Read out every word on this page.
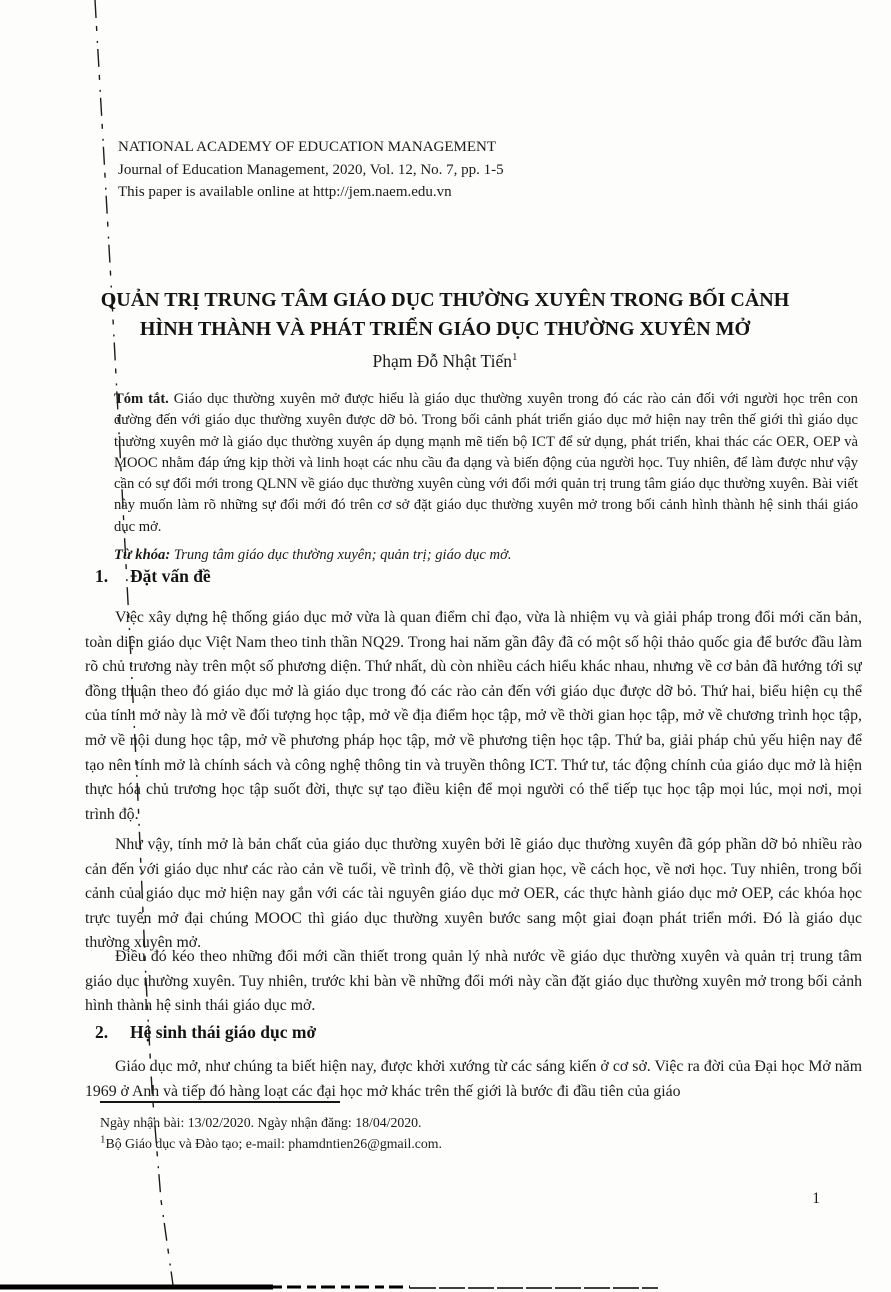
NATIONAL ACADEMY OF EDUCATION MANAGEMENT
Journal of Education Management, 2020, Vol. 12, No. 7, pp. 1-5
This paper is available online at http://jem.naem.edu.vn
QUẢN TRỊ TRUNG TÂM GIÁO DỤC THƯỜNG XUYÊN TRONG BỐI CẢNH
HÌNH THÀNH VÀ PHÁT TRIỂN GIÁO DỤC THƯỜNG XUYÊN MỞ
Phạm Đỗ Nhật Tiến$^1$
Tóm tắt. Giáo dục thường xuyên mở được hiểu là giáo dục thường xuyên trong đó các rào cản đối với người học trên con đường đến với giáo dục thường xuyên được dỡ bỏ. Trong bối cảnh phát triển giáo dục mở hiện nay trên thế giới thì giáo dục thường xuyên mở là giáo dục thường xuyên áp dụng mạnh mẽ tiến bộ ICT để sử dụng, phát triển, khai thác các OER, OEP và MOOC nhằm đáp ứng kịp thời và linh hoạt các nhu cầu đa dạng và biến động của người học. Tuy nhiên, để làm được như vậy cần có sự đổi mới trong QLNN về giáo dục thường xuyên cùng với đổi mới quản trị trung tâm giáo dục thường xuyên. Bài viết này muốn làm rõ những sự đổi mới đó trên cơ sở đặt giáo dục thường xuyên mở trong bối cảnh hình thành hệ sinh thái giáo dục mở.
Từ khóa: Trung tâm giáo dục thường xuyên; quản trị; giáo dục mở.
1. Đặt vấn đề

Việc xây dựng hệ thống giáo dục mở vừa là quan điểm chỉ đạo, vừa là nhiệm vụ và giải pháp trong đổi mới căn bản, toàn diện giáo dục Việt Nam theo tinh thần NQ29. Trong hai năm gần đây đã có một số hội thảo quốc gia để bước đầu làm rõ chủ trương này trên một số phương diện. Thứ nhất, dù còn nhiều cách hiểu khác nhau, nhưng về cơ bản đã hướng tới sự đồng thuận theo đó giáo dục mở là giáo dục trong đó các rào cản đến với giáo dục được dỡ bỏ. Thứ hai, biểu hiện cụ thể của tính mở này là mở về đối tượng học tập, mở về địa điểm học tập, mở về thời gian học tập, mở về chương trình học tập, mở về nội dung học tập, mở về phương pháp học tập, mở về phương tiện học tập. Thứ ba, giải pháp chủ yếu hiện nay để tạo nên tính mở là chính sách và công nghệ thông tin và truyền thông ICT. Thứ tư, tác động chính của giáo dục mở là hiện thực hóa chủ trương học tập suốt đời, thực sự tạo điều kiện để mọi người có thể tiếp tục học tập mọi lúc, mọi nơi, mọi trình độ.

Như vậy, tính mở là bản chất của giáo dục thường xuyên bởi lẽ giáo dục thường xuyên đã góp phần dỡ bỏ nhiều rào cản đến với giáo dục như các rào cản về tuổi, về trình độ, về thời gian học, về cách học, về nơi học. Tuy nhiên, trong bối cảnh của giáo dục mở hiện nay gắn với các tài nguyên giáo dục mở OER, các thực hành giáo dục mở OEP, các khóa học trực tuyến mở đại chúng MOOC thì giáo dục thường xuyên bước sang một giai đoạn phát triển mới. Đó là giáo dục thường xuyên mở.

Điều đó kéo theo những đổi mới cần thiết trong quản lý nhà nước về giáo dục thường xuyên và quản trị trung tâm giáo dục thường xuyên. Tuy nhiên, trước khi bàn về những đổi mới này cần đặt giáo dục thường xuyên mở trong bối cảnh hình thành hệ sinh thái giáo dục mở.

2. Hệ sinh thái giáo dục mở

Giáo dục mở, như chúng ta biết hiện nay, được khởi xướng từ các sáng kiến ở cơ sở. Việc ra đời của Đại học Mở năm 1969 ở Anh và tiếp đó hàng loạt các đại học mở khác trên thế giới là bước đi đầu tiên của giáo

Ngày nhận bài: 13/02/2020. Ngày nhận đăng: 18/04/2020.
$^1$Bộ Giáo dục và Đào tạo; e-mail: phamdntien26@gmail.com.
1
